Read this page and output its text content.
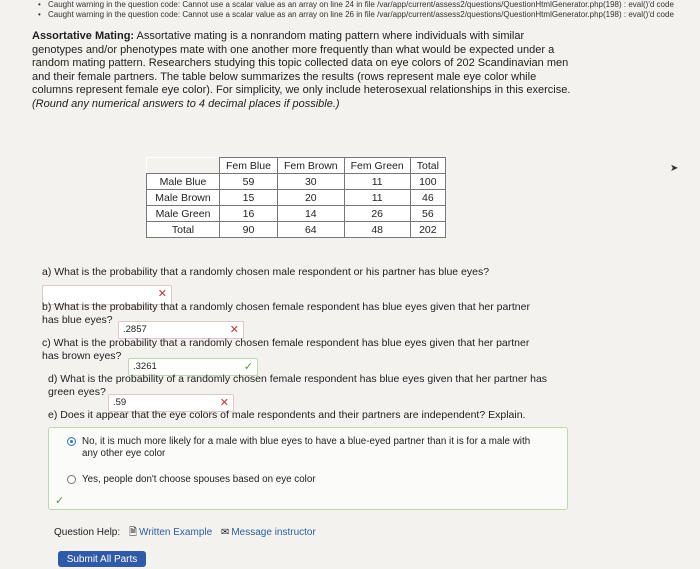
• Caught warning in the question code: Cannot use a scalar value as an array on line 24 in file /var/app/current/assess2/questions/QuestionHtmlGenerator.php(198) : eval()'d code
• Caught warning in the question code: Cannot use a scalar value as an array on line 26 in file /var/app/current/assess2/questions/QuestionHtmlGenerator.php(198) : eval()'d code
Assortative Mating: Assortative mating is a nonrandom mating pattern where individuals with similar genotypes and/or phenotypes mate with one another more frequently than what would be expected under a random mating pattern. Researchers studying this topic collected data on eye colors of 202 Scandinavian men and their female partners. The table below summarizes the results (rows represent male eye color while columns represent female eye color). For simplicity, we only include heterosexual relationships in this exercise.
(Round any numerical answers to 4 decimal places if possible.)
	Fem Blue	Fem Brown	Fem Green	Total
Male Blue	59	30	11	100
Male Brown	15	20	11	46
Male Green	16	14	26	56
Total	90	64	48	202
➤
a) What is the probability that a randomly chosen male respondent or his partner has blue eyes?
✕
b) What is the probability that a randomly chosen female respondent has blue eyes given that her partner
has blue eyes?
.2857	✕
c) What is the probability that a randomly chosen female respondent has blue eyes given that her partner
has brown eyes?
.3261	✓
d) What is the probability of a randomly chosen female respondent has blue eyes given that her partner has
green eyes?
.59	✕
e) Does it appear that the eye colors of male respondents and their partners are independent? Explain.
No, it is much more likely for a male with blue eyes to have a blue-eyed partner than it is for a male with any other eye color
Yes, people don't choose spouses based on eye color
✓
Question Help: 🗎 Written Example ✉ Message instructor
Submit All Parts
